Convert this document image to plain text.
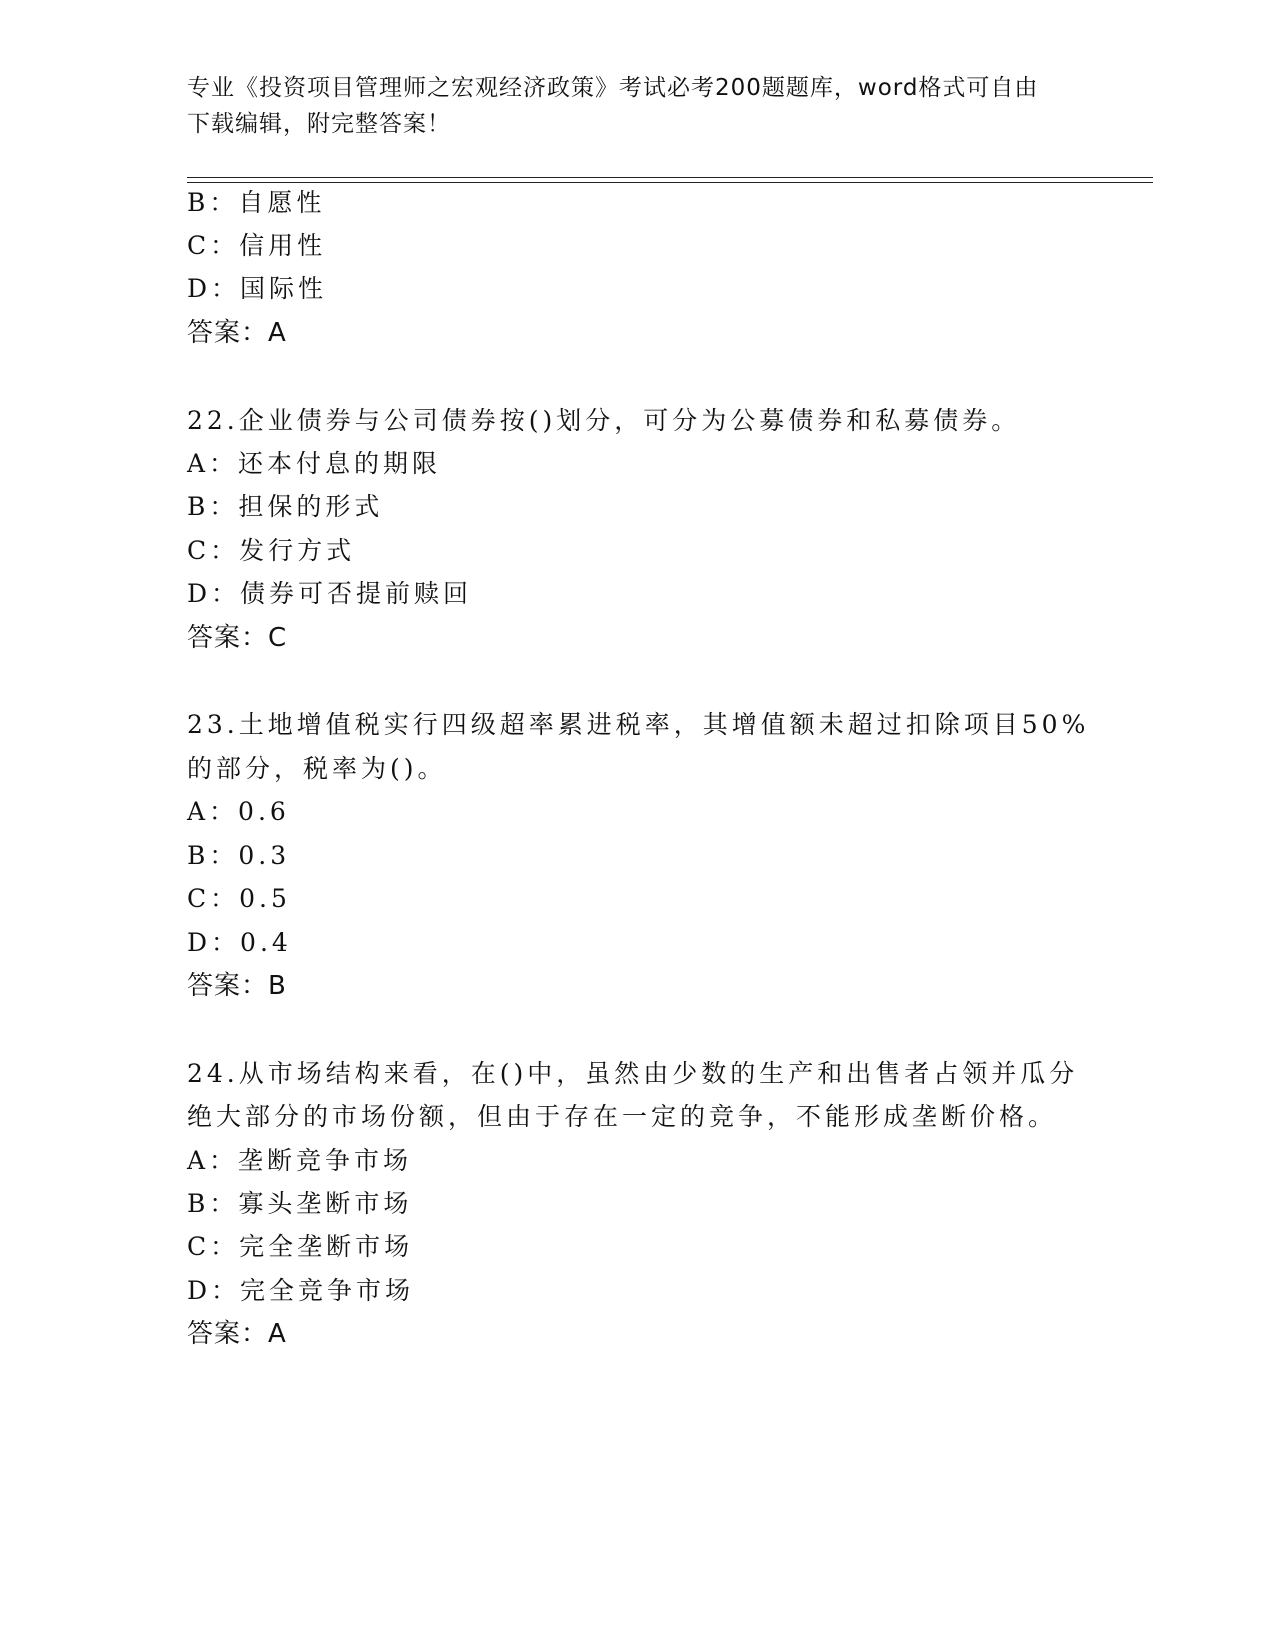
专业《投资项目管理师之宏观经济政策》考试必考200题题库，word格式可自由
下载编辑，附完整答案！
B：自愿性
C：信用性
D：国际性
答案：A
22.企业债券与公司债券按()划分，可分为公募债券和私募债券。
A：还本付息的期限
B：担保的形式
C：发行方式
D：债券可否提前赎回
答案：C
23.土地增值税实行四级超率累进税率，其增值额未超过扣除项目50%
的部分，税率为()。
A：0.6
B：0.3
C：0.5
D：0.4
答案：B
24.从市场结构来看，在()中，虽然由少数的生产和出售者占领并瓜分
绝大部分的市场份额，但由于存在一定的竞争，不能形成垄断价格。
A：垄断竞争市场
B：寡头垄断市场
C：完全垄断市场
D：完全竞争市场
答案：A
